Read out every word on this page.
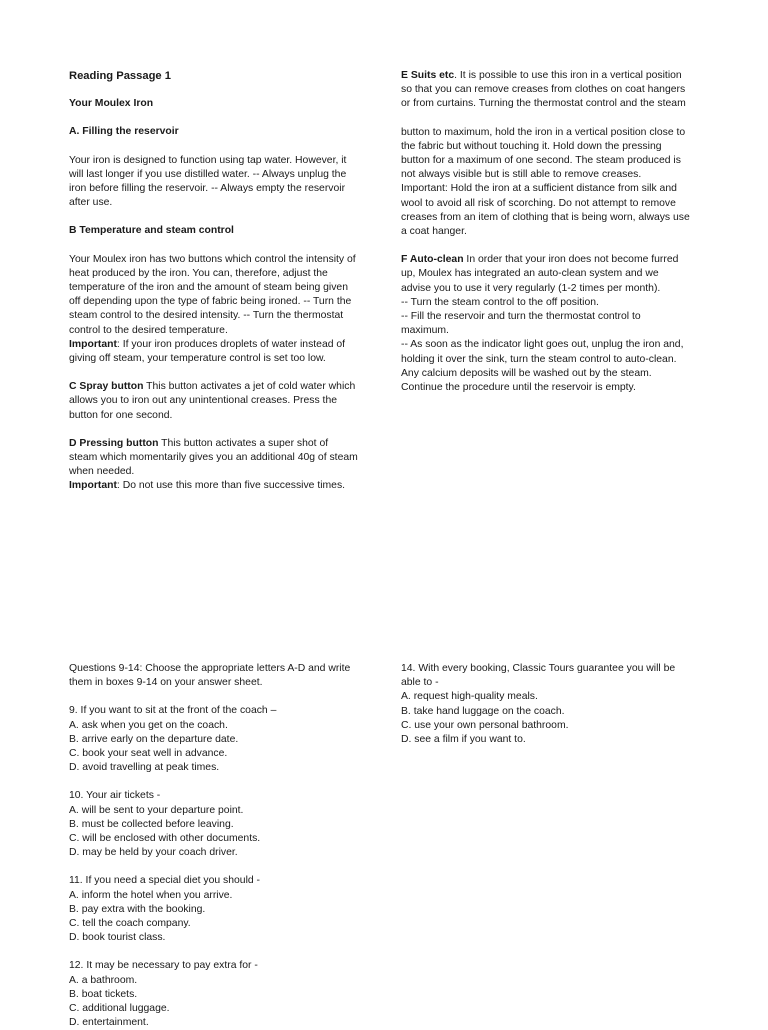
Reading Passage 1

Your Moulex Iron

A. Filling the reservoir

Your iron is designed to function using tap water. However, it
will last longer if you use distilled water. -- Always unplug the
iron before filling the reservoir. -- Always empty the reservoir
after use.

B Temperature and steam control

Your Moulex iron has two buttons which control the intensity of
heat produced by the iron. You can, therefore, adjust the
temperature of the iron and the amount of steam being given
off depending upon the type of fabric being ironed. -- Turn the
steam control to the desired intensity. -- Turn the thermostat
control to the desired temperature.

Important: If your iron produces droplets of water instead of
giving off steam, your temperature control is set too low.

C Spray button This button activates a jet of cold water which
allows you to iron out any unintentional creases. Press the
button for one second.

D Pressing button This button activates a super shot of
steam which momentarily gives you an additional 40g of steam
when needed.

Important: Do not use this more than five successive times.

E Suits etc. It is possible to use this iron in a vertical position
so that you can remove creases from clothes on coat hangers
or from curtains. Turning the thermostat control and the steam

button to maximum, hold the iron in a vertical position close to
the fabric but without touching it. Hold down the pressing
button for a maximum of one second. The steam produced is
not always visible but is still able to remove creases.
Important: Hold the iron at a sufficient distance from silk and
wool to avoid all risk of scorching. Do not attempt to remove
creases from an item of clothing that is being worn, always use
a coat hanger.

F Auto-clean In order that your iron does not become furred
up, Moulex has integrated an auto-clean system and we
advise you to use it very regularly (1-2 times per month).
-- Turn the steam control to the off position.
-- Fill the reservoir and turn the thermostat control to
maximum.
-- As soon as the indicator light goes out, unplug the iron and,
holding it over the sink, turn the steam control to auto-clean.
Any calcium deposits will be washed out by the steam.
Continue the procedure until the reservoir is empty.

Questions 9-14: Choose the appropriate letters A-D and write
them in boxes 9-14 on your answer sheet.

9. If you want to sit at the front of the coach –
A. ask when you get on the coach.
B. arrive early on the departure date.
C. book your seat well in advance.
D. avoid travelling at peak times.

10. Your air tickets -
A. will be sent to your departure point.
B. must be collected before leaving.
C. will be enclosed with other documents.
D. may be held by your coach driver.

11. If you need a special diet you should -
A. inform the hotel when you arrive.
B. pay extra with the booking.
C. tell the coach company.
D. book tourist class.

12. It may be necessary to pay extra for -
A. a bathroom.
B. boat tickets.
C. additional luggage.
D. entertainment.

14. With every booking, Classic Tours guarantee you will be
able to -
A. request high-quality meals.
B. take hand luggage on the coach.
C. use your own personal bathroom.
D. see a film if you want to.
